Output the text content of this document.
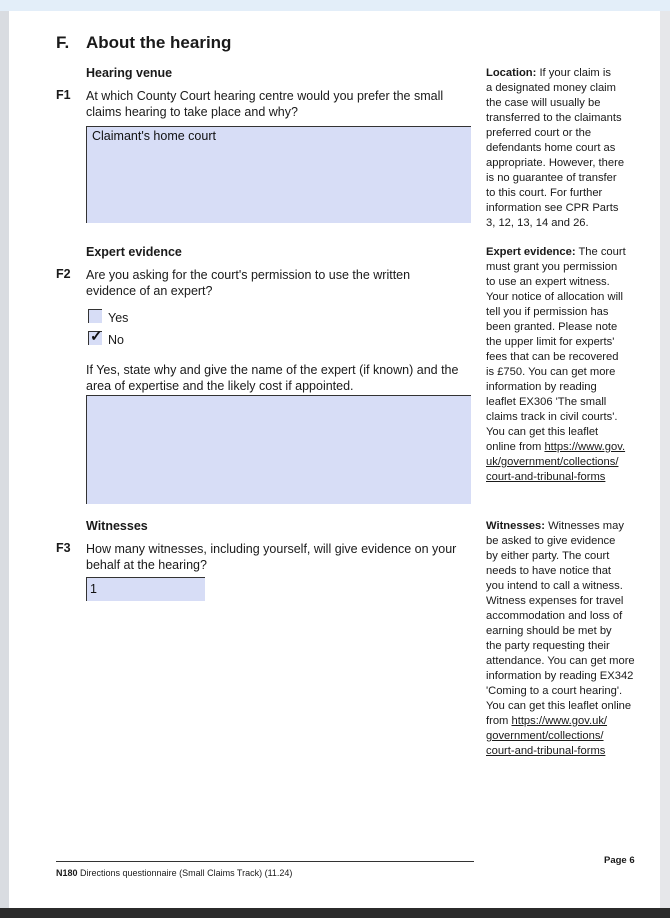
F. About the hearing
Hearing venue
F1 At which County Court hearing centre would you prefer the small
claims hearing to take place and why?
Claimant's home court
Location: If your claim is
a designated money claim
the case will usually be
transferred to the claimants
preferred court or the
defendants home court as
appropriate. However, there
is no guarantee of transfer
to this court. For further
information see CPR Parts
3, 12, 13, 14 and 26.
Expert evidence
F2 Are you asking for the court's permission to use the written
evidence of an expert?
Yes
✓ No
If Yes, state why and give the name of the expert (if known) and the
area of expertise and the likely cost if appointed.
Expert evidence: The court
must grant you permission
to use an expert witness.
Your notice of allocation will
tell you if permission has
been granted. Please note
the upper limit for experts'
fees that can be recovered
is £750. You can get more
information by reading
leaflet EX306 'The small
claims track in civil courts'.
You can get this leaflet
online from https://www.gov.
uk/government/collections/
court-and-tribunal-forms
Witnesses
F3 How many witnesses, including yourself, will give evidence on your
behalf at the hearing?
1
Witnesses: Witnesses may
be asked to give evidence
by either party. The court
needs to have notice that
you intend to call a witness.
Witness expenses for travel
accommodation and loss of
earning should be met by
the party requesting their
attendance. You can get more
information by reading EX342
'Coming to a court hearing'.
You can get this leaflet online
from https://www.gov.uk/
government/collections/
court-and-tribunal-forms
N180 Directions questionnaire (Small Claims Track) (11.24)
Page 6
